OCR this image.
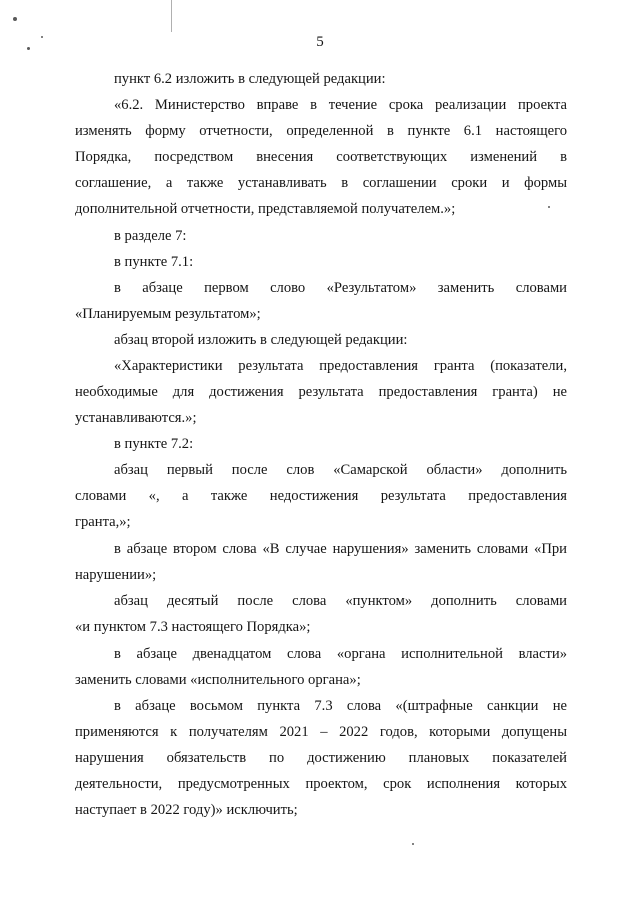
5
пункт 6.2 изложить в следующей редакции:
«6.2. Министерство вправе в течение срока реализации проекта
изменять форму отчетности, определенной в пункте 6.1 настоящего
Порядка, посредством внесения соответствующих изменений в
соглашение, а также устанавливать в соглашении сроки и формы
дополнительной отчетности, представляемой получателем.»;
в разделе 7:
в пункте 7.1:
в абзаце первом слово «Результатом» заменить словами
«Планируемым результатом»;
абзац второй изложить в следующей редакции:
«Характеристики результата предоставления гранта (показатели,
необходимые для достижения результата предоставления гранта) не
устанавливаются.»;
в пункте 7.2:
абзац первый после слов «Самарской области» дополнить
словами «, а также недостижения результата предоставления
гранта,»;
в абзаце втором слова «В случае нарушения» заменить словами «При
нарушении»;
абзац десятый после слова «пунктом» дополнить словами
«и пунктом 7.3 настоящего Порядка»;
в абзаце двенадцатом слова «органа исполнительной власти»
заменить словами «исполнительного органа»;
в абзаце восьмом пункта 7.3 слова «(штрафные санкции не
применяются к получателям 2021 – 2022 годов, которыми допущены
нарушения обязательств по достижению плановых показателей
деятельности, предусмотренных проектом, срок исполнения которых
наступает в 2022 году)» исключить;
